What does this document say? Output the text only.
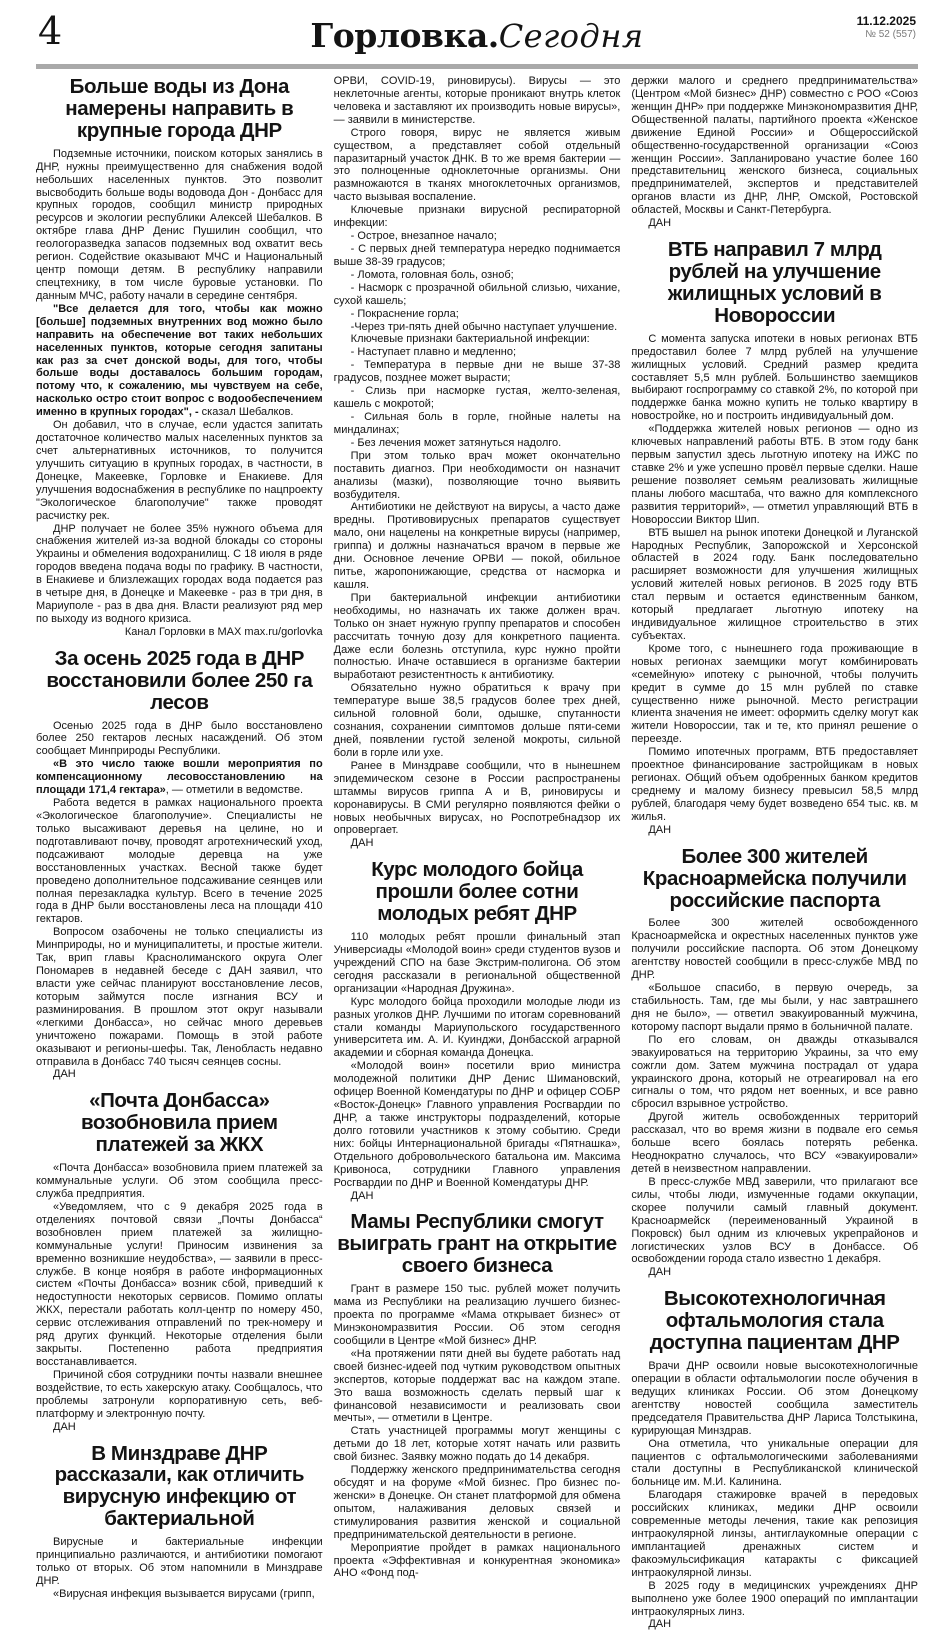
4	Горловка.Сегодня	11.12.2025
№ 52 (557)
Больше воды из Дона намерены направить в крупные города ДНР

Подземные источники, поиском которых занялись в ДНР, нужны преимущественно для снабжения водой небольших населенных пунктов. Это позволит высвободить больше воды водовода Дон - Донбасс для крупных городов, сообщил министр природных ресурсов и экологии республики Алексей Шебалков. В октябре глава ДНР Денис Пушилин сообщил, что геологоразведка запасов подземных вод охватит весь регион. Содействие оказывают МЧС и Национальный центр помощи детям. В республику направили спецтехнику, в том числе буровые установки. По данным МЧС, работу начали в середине сентября.

"Все делается для того, чтобы как можно [больше] подземных внутренних вод можно было направить на обеспечение вот таких небольших населенных пунктов, которые сегодня запитаны как раз за счет донской воды, для того, чтобы больше воды доставалось большим городам, потому что, к сожалению, мы чувствуем на себе, насколько остро стоит вопрос с водообеспечением именно в крупных городах", - сказал Шебалков.

Он добавил, что в случае, если удастся запитать достаточное количество малых населенных пунктов за счет альтернативных источников, то получится улучшить ситуацию в крупных городах, в частности, в Донецке, Макеевке, Горловке и Енакиеве. Для улучшения водоснабжения в республике по нацпроекту "Экологическое благополучие" также проводят расчистку рек.

ДНР получает не более 35% нужного объема для снабжения жителей из-за водной блокады со стороны Украины и обмеления водохранилищ. С 18 июля в ряде городов введена подача воды по графику. В частности, в Енакиеве и близлежащих городах вода подается раз в четыре дня, в Донецке и Макеевке - раз в три дня, в Мариуполе - раз в два дня. Власти реализуют ряд мер по выходу из водного кризиса.

Канал Горловки в MAX max.ru/gorlovka

За осень 2025 года в ДНР восстановили более 250 га лесов

Осенью 2025 года в ДНР было восстановлено более 250 гектаров лесных насаждений. Об этом сообщает Минприроды Республики.

«В это число также вошли мероприятия по компенсационному лесовосстановлению на площади 171,4 гектара», — отметили в ведомстве.

Работа ведется в рамках национального проекта «Экологическое благополучие». Специалисты не только высаживают деревья на целине, но и подготавливают почву, проводят агротехнический уход, подсаживают молодые деревца на уже восстановленных участках. Весной также будет проведено дополнительное подсаживание сеянцев или полная перезакладка культур. Всего в течение 2025 года в ДНР были восстановлены леса на площади 410 гектаров.

Вопросом озабочены не только специалисты из Минприроды, но и муниципалитеты, и простые жители. Так, врип главы Краснолиманского округа Олег Пономарев в недавней беседе с ДАН заявил, что власти уже сейчас планируют восстановление лесов, которым займутся после изгнания ВСУ и разминирования. В прошлом этот округ называли «легкими Донбасса», но сейчас много деревьев уничтожено пожарами. Помощь в этой работе оказывают и регионы-шефы. Так, Ленобласть недавно отправила в Донбасс 740 тысяч сеянцев сосны.

ДАН

«Почта Донбасса» возобновила прием платежей за ЖКХ

«Почта Донбасса» возобновила прием платежей за коммунальные услуги. Об этом сообщила пресс-служба предприятия.

«Уведомляем, что с 9 декабря 2025 года в отделениях почтовой связи „Почты Донбасса“ возобновлен прием платежей за жилищно-коммунальные услуги! Приносим извинения за временно возникшие неудобства», — заявили в пресс-службе. В конце ноября в работе информационных систем «Почты Донбасса» возник сбой, приведший к недоступности некоторых сервисов. Помимо оплаты ЖКХ, перестали работать колл-центр по номеру 450, сервис отслеживания отправлений по трек-номеру и ряд других функций. Некоторые отделения были закрыты. Постепенно работа предприятия восстанавливается.

Причиной сбоя сотрудники почты назвали внешнее воздействие, то есть хакерскую атаку. Сообщалось, что проблемы затронули корпоративную сеть, веб-платформу и электронную почту.

ДАН

В Минздраве ДНР рассказали, как отличить вирусную инфекцию от бактериальной

Вирусные и бактериальные инфекции принципиально различаются, и антибиотики помогают только от вторых. Об этом напомнили в Минздраве ДНР.

«Вирусная инфекция вызывается вирусами (грипп,

ОРВИ, COVID-19, риновирусы). Вирусы — это неклеточные агенты, которые проникают внутрь клеток человека и заставляют их производить новые вирусы», — заявили в министерстве.

Строго говоря, вирус не является живым существом, а представляет собой отдельный паразитарный участок ДНК. В то же время бактерии — это полноценные одноклеточные организмы. Они размножаются в тканях многоклеточных организмов, часто вызывая воспаление.

Ключевые признаки вирусной респираторной инфекции:

- Острое, внезапное начало;

- С первых дней температура нередко поднимается выше 38-39 градусов;

- Ломота, головная боль, озноб;

- Насморк с прозрачной обильной слизью, чихание, сухой кашель;

- Покраснение горла;

-Через три-пять дней обычно наступает улучшение.

Ключевые признаки бактериальной инфекции:

- Наступает плавно и медленно;

- Температура в первые дни не выше 37-38 градусов, позднее может вырасти;

- Слизь при насморке густая, желто-зеленая, кашель с мокротой;

- Сильная боль в горле, гнойные налеты на миндалинах;

- Без лечения может затянуться надолго.

При этом только врач может окончательно поставить диагноз. При необходимости он назначит анализы (мазки), позволяющие точно выявить возбудителя.

Антибиотики не действуют на вирусы, а часто даже вредны. Противовирусных препаратов существует мало, они нацелены на конкретные вирусы (например, гриппа) и должны назначаться врачом в первые же дни. Основное лечение ОРВИ — покой, обильное питье, жаропонижающие, средства от насморка и кашля.

При бактериальной инфекции антибиотики необходимы, но назначать их также должен врач. Только он знает нужную группу препаратов и способен рассчитать точную дозу для конкретного пациента. Даже если болезнь отступила, курс нужно пройти полностью. Иначе оставшиеся в организме бактерии выработают резистентность к антибиотику.

Обязательно нужно обратиться к врачу при температуре выше 38,5 градусов более трех дней, сильной головной боли, одышке, спутанности сознания, сохранении симптомов дольше пяти-семи дней, появлении густой зеленой мокроты, сильной боли в горле или ухе.

Ранее в Минздраве сообщили, что в нынешнем эпидемическом сезоне в России распространены штаммы вирусов гриппа А и В, риновирусы и коронавирусы. В СМИ регулярно появляются фейки о новых необычных вирусах, но Роспотребнадзор их опровергает.

ДАН

Курс молодого бойца прошли более сотни молодых ребят ДНР

110 молодых ребят прошли финальный этап Универсиады «Молодой воин» среди студентов вузов и учреждений СПО на базе Экстрим-полигона. Об этом сегодня рассказали в региональной общественной организации «Народная Дружина».

Курс молодого бойца проходили молодые люди из разных уголков ДНР. Лучшими по итогам соревнований стали команды Мариупольского государственного университета им. А. И. Куинджи, Донбасской аграрной академии и сборная команда Донецка.

«Молодой воин» посетили врио министра молодежной политики ДНР Денис Шимановский, офицер Военной Комендатуры по ДНР и офицер СОБР «Восток-Донецк» Главного управления Росгвардии по ДНР, а также инструкторы подразделений, которые долго готовили участников к этому событию. Среди них: бойцы Интернациональной бригады «Пятнашка», Отдельного добровольческого батальона им. Максима Кривоноса, сотрудники Главного управления Росгвардии по ДНР и Военной Комендатуры ДНР.

ДАН

Мамы Республики смогут выиграть грант на открытие своего бизнеса

Грант в размере 150 тыс. рублей может получить мама из Республики на реализацию лучшего бизнес-проекта по программе «Мама открывает бизнес» от Минэкономразвития России. Об этом сегодня сообщили в Центре «Мой бизнес» ДНР.

«На протяжении пяти дней вы будете работать над своей бизнес-идеей под чутким руководством опытных экспертов, которые поддержат вас на каждом этапе. Это ваша возможность сделать первый шаг к финансовой независимости и реализовать свои мечты», — отметили в Центре.

Стать участницей программы могут женщины с детьми до 18 лет, которые хотят начать или развить свой бизнес. Заявку можно подать до 14 декабря.

Поддержку женского предпринимательства сегодня обсудят и на форуме «Мой бизнес. Про бизнес по-женски» в Донецке. Он станет платформой для обмена опытом, налаживания деловых связей и стимулирования развития женской и социальной предпринимательской деятельности в регионе.

Мероприятие пройдет в рамках национального проекта «Эффективная и конкурентная экономика» АНО «Фонд под-

держки малого и среднего предпринимательства» (Центром «Мой бизнес» ДНР) совместно с РОО «Союз женщин ДНР» при поддержке Минэкономразвития ДНР, Общественной палаты, партийного проекта «Женское движение Единой России» и Общероссийской общественно-государственной организации «Союз женщин России». Запланировано участие более 160 представительниц женского бизнеса, социальных предпринимателей, экспертов и представителей органов власти из ДНР, ЛНР, Омской, Ростовской областей, Москвы и Санкт-Петербурга.

ДАН

ВТБ направил 7 млрд рублей на улучшение жилищных условий в Новороссии

С момента запуска ипотеки в новых регионах ВТБ предоставил более 7 млрд рублей на улучшение жилищных условий. Средний размер кредита составляет 5,5 млн рублей. Большинство заемщиков выбирают госпрограмму со ставкой 2%, по которой при поддержке банка можно купить не только квартиру в новостройке, но и построить индивидуальный дом.

«Поддержка жителей новых регионов — одно из ключевых направлений работы ВТБ. В этом году банк первым запустил здесь льготную ипотеку на ИЖС по ставке 2% и уже успешно провёл первые сделки. Наше решение позволяет семьям реализовать жилищные планы любого масштаба, что важно для комплексного развития территорий», — отметил управляющий ВТБ в Новороссии Виктор Шип.

ВТБ вышел на рынок ипотеки Донецкой и Луганской Народных Республик, Запорожской и Херсонской областей в 2024 году. Банк последовательно расширяет возможности для улучшения жилищных условий жителей новых регионов. В 2025 году ВТБ стал первым и остается единственным банком, который предлагает льготную ипотеку на индивидуальное жилищное строительство в этих субъектах.

Кроме того, с нынешнего года проживающие в новых регионах заемщики могут комбинировать «семейную» ипотеку с рыночной, чтобы получить кредит в сумме до 15 млн рублей по ставке существенно ниже рыночной. Место регистрации клиента значения не имеет: оформить сделку могут как жители Новороссии, так и те, кто принял решение о переезде.

Помимо ипотечных программ, ВТБ предоставляет проектное финансирование застройщикам в новых регионах. Общий объем одобренных банком кредитов среднему и малому бизнесу превысил 58,5 млрд рублей, благодаря чему будет возведено 654 тыс. кв. м жилья.

ДАН

Более 300 жителей Красноармейска получили российские паспорта

Более 300 жителей освобожденного Красноармейска и окрестных населенных пунктов уже получили российские паспорта. Об этом Донецкому агентству новостей сообщили в пресс-службе МВД по ДНР.

«Большое спасибо, в первую очередь, за стабильность. Там, где мы были, у нас завтрашнего дня не было», — ответил эвакуированный мужчина, которому паспорт выдали прямо в больничной палате.

По его словам, он дважды отказывался эвакуироваться на территорию Украины, за что ему сожгли дом. Затем мужчина пострадал от удара украинского дрона, который не отреагировал на его сигналы о том, что рядом нет военных, и все равно сбросил взрывное устройство.

Другой житель освобожденных территорий рассказал, что во время жизни в подвале его семья больше всего боялась потерять ребенка. Неоднократно случалось, что ВСУ «эвакуировали» детей в неизвестном направлении.

В пресс-службе МВД заверили, что прилагают все силы, чтобы люди, измученные годами оккупации, скорее получили самый главный документ. Красноармейск (переименованный Украиной в Покровск) был одним из ключевых укрепрайонов и логистических узлов ВСУ в Донбассе. Об освобождении города стало известно 1 декабря.

ДАН

Высокотехнологичная офтальмология стала доступна пациентам ДНР

Врачи ДНР освоили новые высокотехнологичные операции в области офтальмологии после обучения в ведущих клиниках России. Об этом Донецкому агентству новостей сообщила заместитель председателя Правительства ДНР Лариса Толстыкина, курирующая Минздрав.

Она отметила, что уникальные операции для пациентов с офтальмологическими заболеваниями стали доступны в Республиканской клинической больнице им. М.И. Калинина.

Благодаря стажировке врачей в передовых российских клиниках, медики ДНР освоили современные методы лечения, такие как репозиция интраокулярной линзы, антиглаукомные операции с имплантацией дренажных систем и факоэмульсификация катаракты с фиксацией интраокулярной линзы.

В 2025 году в медицинских учреждениях ДНР выполнено уже более 1900 операций по имплантации интраокулярных линз.

ДАН
